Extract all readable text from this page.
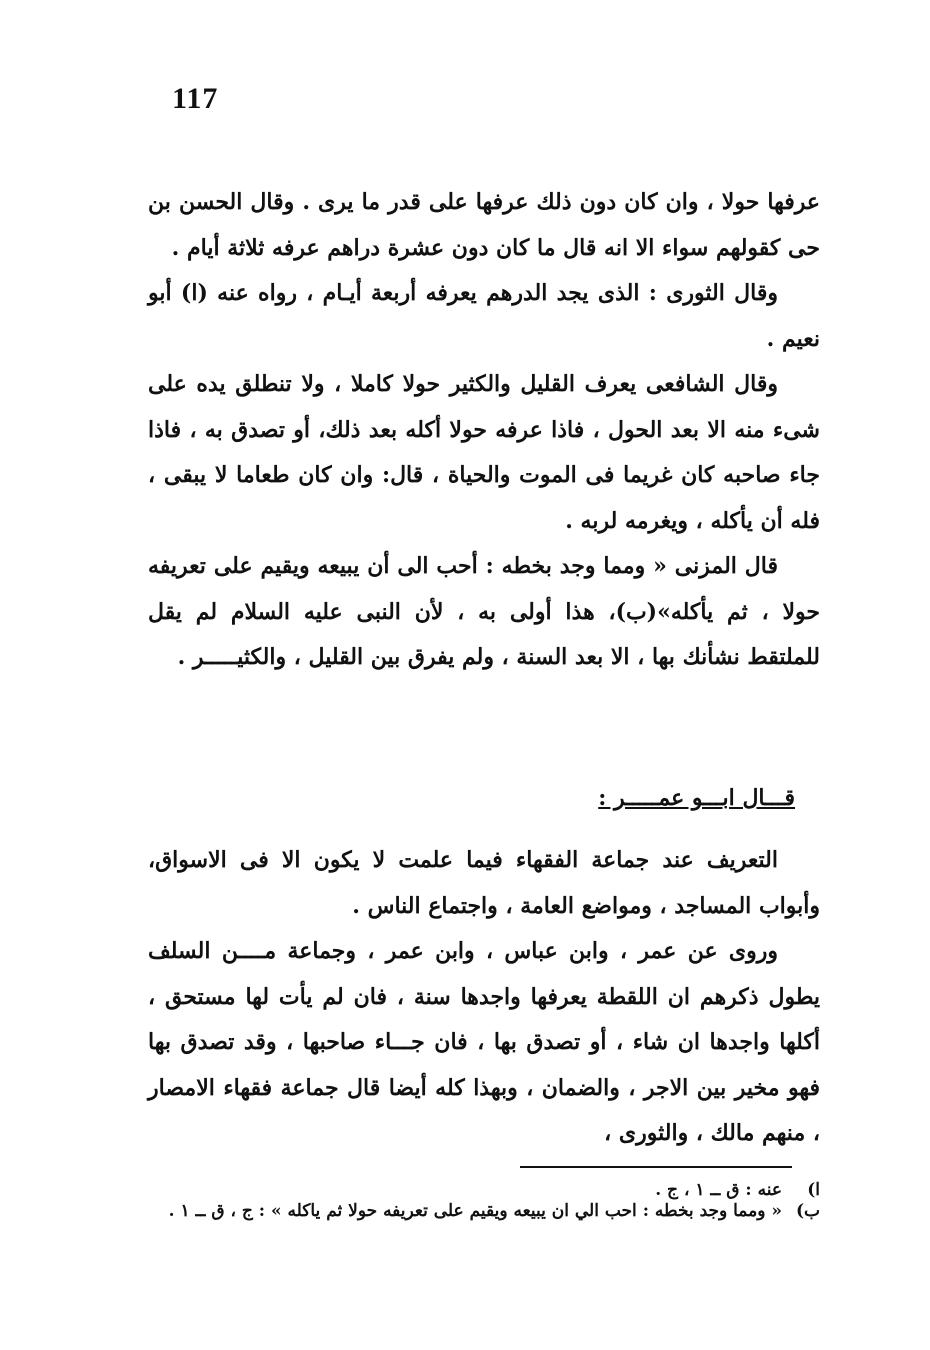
117

عرفها حولا ، وان كان دون ذلك عرفها على قدر ما يرى . وقال الحسن بن حى كقولهم سواء الا انه قال ما كان دون عشرة دراهم عرفه ثلاثة أيام .

وقال الثورى : الذى يجد الدرهم يعرفه أربعة أيـام ، رواه عنه (ا) أبو نعيم .

وقال الشافعى يعرف القليل والكثير حولا كاملا ، ولا تنطلق يده على شىء منه الا بعد الحول ، فاذا عرفه حولا أكله بعد ذلك، أو تصدق به ، فاذا جاء صاحبه كان غريما فى الموت والحياة ، قال: وان كان طعاما لا يبقى ، فله أن يأكله ، ويغرمه لربه .

قال المزنى « ومما وجد بخطه : أحب الى أن يبيعه ويقيم على تعريفه حولا ، ثم يأكله»(ب)، هذا أولى به ، لأن النبى عليه السلام لم يقل للملتقط نشأنك بها ، الا بعد السنة ، ولم يفرق بين القليل ، والكثيـــــر .

قـــال ابـــو عمـــــر :

التعريف عند جماعة الفقهاء فيما علمت لا يكون الا فى الاسواق، وأبواب المساجد ، ومواضع العامة ، واجتماع الناس .

وروى عن عمر ، وابن عباس ، وابن عمر ، وجماعة مــــن السلف يطول ذكرهم ان اللقطة يعرفها واجدها سنة ، فان لم يأت لها مستحق ، أكلها واجدها ان شاء ، أو تصدق بها ، فان جـــاء صاحبها ، وقد تصدق بها فهو مخير بين الاجر ، والضمان ، وبهذا كله أيضا قال جماعة فقهاء الامصار ، منهم مالك ، والثورى ،

ا)
عنه : ق ــ ١ ، ج .
ب)
« ومما وجد بخطه : احب الي ان يبيعه ويقيم على تعريفه حولا ثم ياكله » : ج ، ق ــ ١ .
